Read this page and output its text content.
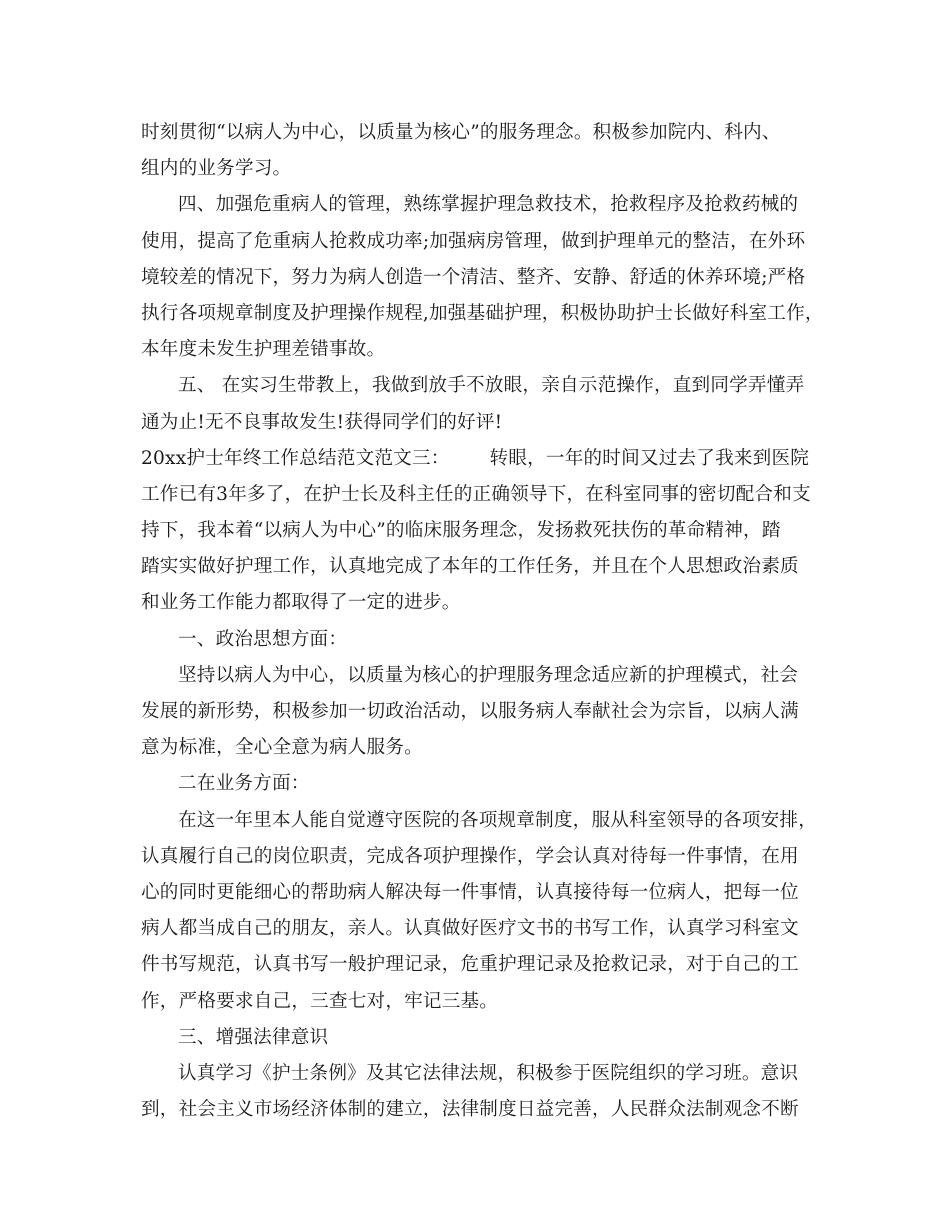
时刻贯彻“以病人为中心，以质量为核心”的服务理念。积极参加院内、科内、
组内的业务学习。
四、加强危重病人的管理，熟练掌握护理急救技术，抢救程序及抢救药械的
使用，提高了危重病人抢救成功率;加强病房管理，做到护理单元的整洁，在外环
境较差的情况下，努力为病人创造一个清洁、整齐、安静、舒适的休养环境;严格
执行各项规章制度及护理操作规程,加强基础护理，积极协助护士长做好科室工作，
本年度未发生护理差错事故。
五、 在实习生带教上，我做到放手不放眼，亲自示范操作，直到同学弄懂弄
通为止!无不良事故发生!获得同学们的好评!
20xx护士年终工作总结范文范文三： 转眼，一年的时间又过去了我来到医院
工作已有3年多了，在护士长及科主任的正确领导下，在科室同事的密切配合和支
持下，我本着“以病人为中心”的临床服务理念，发扬救死扶伤的革命精神，踏
踏实实做好护理工作，认真地完成了本年的工作任务，并且在个人思想政治素质
和业务工作能力都取得了一定的进步。
一、政治思想方面：
坚持以病人为中心，以质量为核心的护理服务理念适应新的护理模式，社会
发展的新形势，积极参加一切政治活动，以服务病人奉献社会为宗旨，以病人满
意为标准，全心全意为病人服务。
二在业务方面：
在这一年里本人能自觉遵守医院的各项规章制度，服从科室领导的各项安排，
认真履行自己的岗位职责，完成各项护理操作，学会认真对待每一件事情，在用
心的同时更能细心的帮助病人解决每一件事情，认真接待每一位病人，把每一位
病人都当成自己的朋友，亲人。认真做好医疗文书的书写工作，认真学习科室文
件书写规范，认真书写一般护理记录，危重护理记录及抢救记录，对于自己的工
作，严格要求自己，三查七对，牢记三基。
三、增强法律意识
认真学习《护士条例》及其它法律法规，积极参于医院组织的学习班。意识
到，社会主义市场经济体制的建立，法律制度日益完善，人民群众法制观念不断
